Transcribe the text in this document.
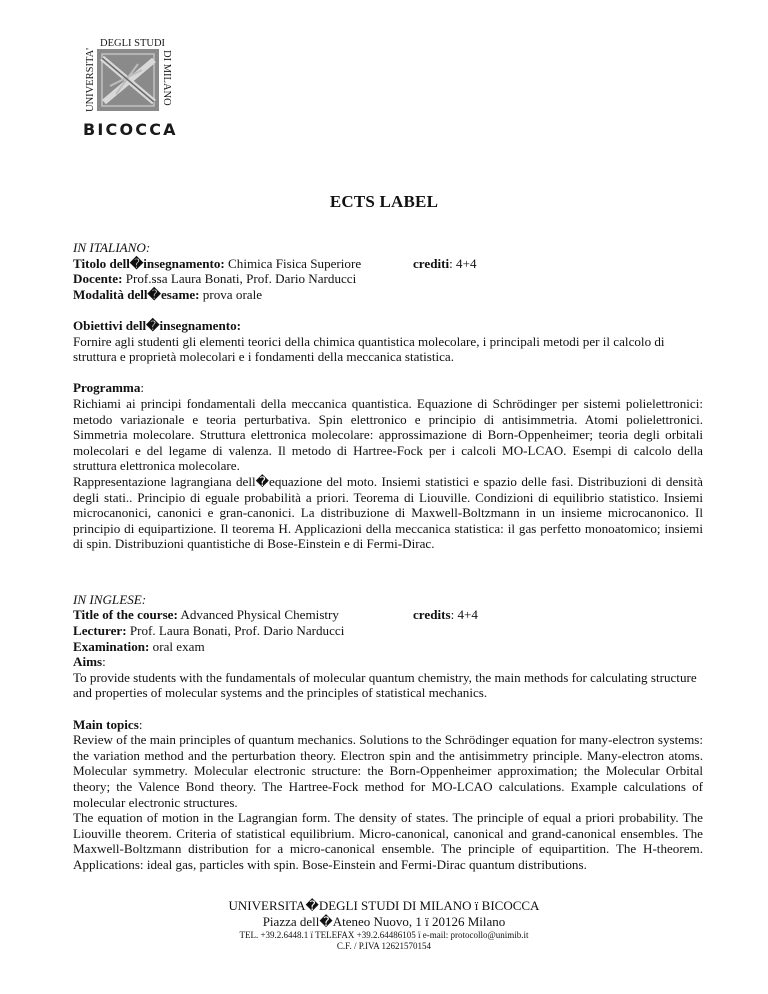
DEGLI STUDI
UNIVERSITA'	DI MILANO
BICOCCA
ECTS LABEL

IN ITALIANO:

Titolo dell�insegnamento: Chimica Fisica Superiore	crediti: 4+4

Docente: Prof.ssa Laura Bonati, Prof. Dario Narducci

Modalità dell�esame: prova orale

Obiettivi dell�insegnamento:

Fornire agli studenti gli elementi teorici della chimica quantistica molecolare, i principali metodi per il calcolo di struttura e proprietà molecolari e i fondamenti della meccanica statistica.

Programma:

Richiami ai principi fondamentali della meccanica quantistica. Equazione di Schrödinger per sistemi polielettronici: metodo variazionale e teoria perturbativa. Spin elettronico e principio di antisimmetria. Atomi polielettronici. Simmetria molecolare. Struttura elettronica molecolare: approssimazione di Born-Oppenheimer; teoria degli orbitali molecolari e del legame di valenza. Il metodo di Hartree-Fock per i calcoli MO-LCAO. Esempi di calcolo della struttura elettronica molecolare.

Rappresentazione lagrangiana dell�equazione del moto. Insiemi statistici e spazio delle fasi. Distribuzioni di densità degli stati.. Principio di eguale probabilità a priori. Teorema di Liouville. Condizioni di equilibrio statistico. Insiemi microcanonici, canonici e gran-canonici. La distribuzione di Maxwell-Boltzmann in un insieme microcanonico. Il principio di equipartizione. Il teorema H. Applicazioni della meccanica statistica: il gas perfetto monoatomico; insiemi di spin. Distribuzioni quantistiche di Bose-Einstein e di Fermi-Dirac.

IN INGLESE:

Title of the course: Advanced Physical Chemistry	credits: 4+4

Lecturer: Prof. Laura Bonati, Prof. Dario Narducci

Examination: oral exam

Aims:

To provide students with the fundamentals of molecular quantum chemistry, the main methods for calculating structure and properties of molecular systems and the principles of statistical mechanics.

Main topics:

Review of the main principles of quantum mechanics. Solutions to the Schrödinger equation for many-electron systems: the variation method and the perturbation theory. Electron spin and the antisimmetry principle. Many-electron atoms. Molecular symmetry. Molecular electronic structure: the Born-Oppenheimer approximation; the Molecular Orbital theory; the Valence Bond theory. The Hartree-Fock method for MO-LCAO calculations. Example calculations of molecular electronic structures.

The equation of motion in the Lagrangian form. The density of states. The principle of equal a priori probability. The Liouville theorem. Criteria of statistical equilibrium. Micro-canonical, canonical and grand-canonical ensembles. The Maxwell-Boltzmann distribution for a micro-canonical ensemble. The principle of equipartition. The H-theorem. Applications: ideal gas, particles with spin. Bose-Einstein and Fermi-Dirac quantum distributions.

UNIVERSITA�DEGLI STUDI DI MILANO ï BICOCCA
Piazza dell�Ateneo Nuovo, 1 ï 20126 Milano
TEL. +39.2.6448.1 ï TELEFAX +39.2.64486105 ï e-mail: protocollo@unimib.it
C.F. / P.IVA 12621570154
